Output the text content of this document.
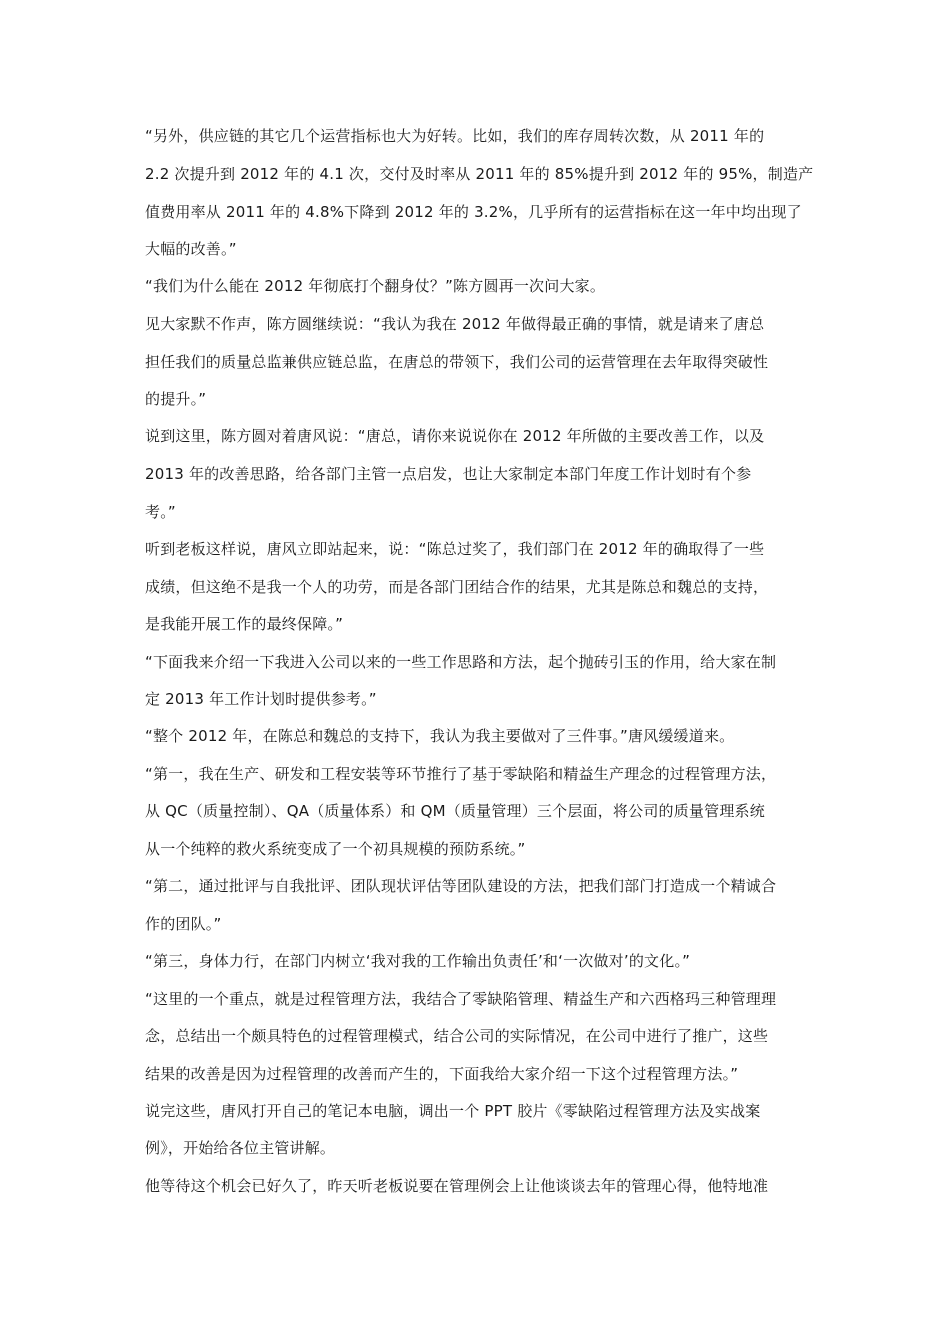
“另外，供应链的其它几个运营指标也大为好转。比如，我们的库存周转次数，从 2011 年的
2.2 次提升到 2012 年的 4.1 次，交付及时率从 2011 年的 85%提升到 2012 年的 95%，制造产
值费用率从 2011 年的 4.8%下降到 2012 年的 3.2%，几乎所有的运营指标在这一年中均出现了
大幅的改善。”
“我们为什么能在 2012 年彻底打个翻身仗？”陈方圆再一次问大家。
见大家默不作声，陈方圆继续说：“我认为我在 2012 年做得最正确的事情，就是请来了唐总
担任我们的质量总监兼供应链总监，在唐总的带领下，我们公司的运营管理在去年取得突破性
的提升。”
说到这里，陈方圆对着唐风说：“唐总，请你来说说你在 2012 年所做的主要改善工作，以及
2013 年的改善思路，给各部门主管一点启发，也让大家制定本部门年度工作计划时有个参
考。”
听到老板这样说，唐风立即站起来，说：“陈总过奖了，我们部门在 2012 年的确取得了一些
成绩，但这绝不是我一个人的功劳，而是各部门团结合作的结果，尤其是陈总和魏总的支持，
是我能开展工作的最终保障。”
“下面我来介绍一下我进入公司以来的一些工作思路和方法，起个抛砖引玉的作用，给大家在制
定 2013 年工作计划时提供参考。”
“整个 2012 年，在陈总和魏总的支持下，我认为我主要做对了三件事。”唐风缓缓道来。
“第一，我在生产、研发和工程安装等环节推行了基于零缺陷和精益生产理念的过程管理方法，
从 QC（质量控制）、QA（质量体系）和 QM（质量管理）三个层面，将公司的质量管理系统
从一个纯粹的救火系统变成了一个初具规模的预防系统。”
“第二，通过批评与自我批评、团队现状评估等团队建设的方法，把我们部门打造成一个精诚合
作的团队。”
“第三，身体力行，在部门内树立‘我对我的工作输出负责任’和‘一次做对’的文化。”
“这里的一个重点，就是过程管理方法，我结合了零缺陷管理、精益生产和六西格玛三种管理理
念，总结出一个颇具特色的过程管理模式，结合公司的实际情况，在公司中进行了推广，这些
结果的改善是因为过程管理的改善而产生的，下面我给大家介绍一下这个过程管理方法。”
说完这些，唐风打开自己的笔记本电脑，调出一个 PPT 胶片《零缺陷过程管理方法及实战案
例》，开始给各位主管讲解。
他等待这个机会已好久了，昨天听老板说要在管理例会上让他谈谈去年的管理心得，他特地准
